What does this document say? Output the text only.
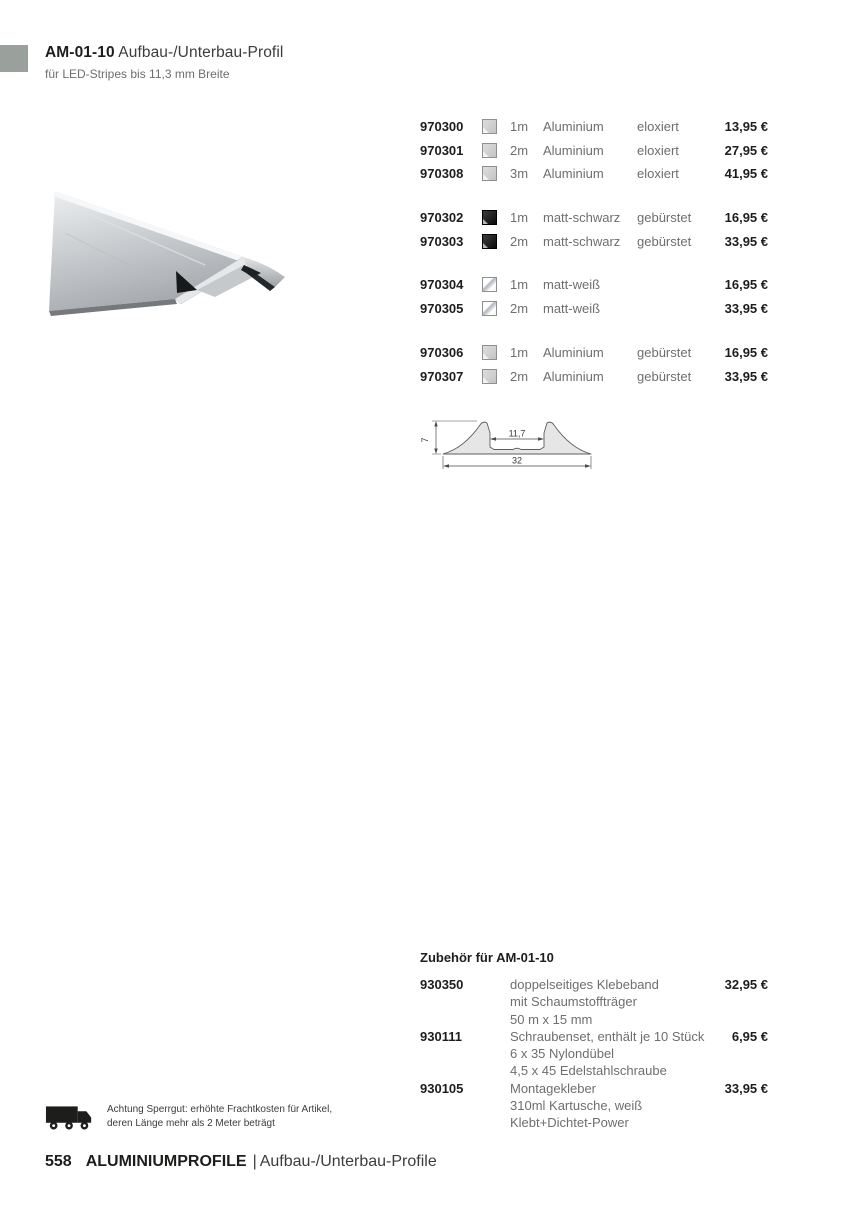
AM-01-10 Aufbau-/Unterbau-Profil
für LED-Stripes bis 11,3 mm Breite
970300	1m	Aluminium	eloxiert	13,95 €
970301	2m	Aluminium	eloxiert	27,95 €
970308	3m	Aluminium	eloxiert	41,95 €
970302	1m	matt-schwarz	gebürstet	16,95 €
970303	2m	matt-schwarz	gebürstet	33,95 €
970304	1m	matt-weiß	16,95 €
970305	2m	matt-weiß	33,95 €
970306	1m	Aluminium	gebürstet	16,95 €
970307	2m	Aluminium	gebürstet	33,95 €
7
11,7
32
Zubehör für AM-01-10
930350	doppelseitiges Klebeband
mit Schaumstoffträger
50 m x 15 mm
32,95 €
930111	Schraubenset, enthält je 10 Stück
6 x 35 Nylondübel
4,5 x 45 Edelstahlschraube
6,95 €
930105	Montagekleber
310ml Kartusche, weiß
Klebt+Dichtet-Power
33,95 €
Achtung Sperrgut: erhöhte Frachtkosten für Artikel,
deren Länge mehr als 2 Meter beträgt
558 ALUMINIUMPROFILE | Aufbau-/Unterbau-Profile
